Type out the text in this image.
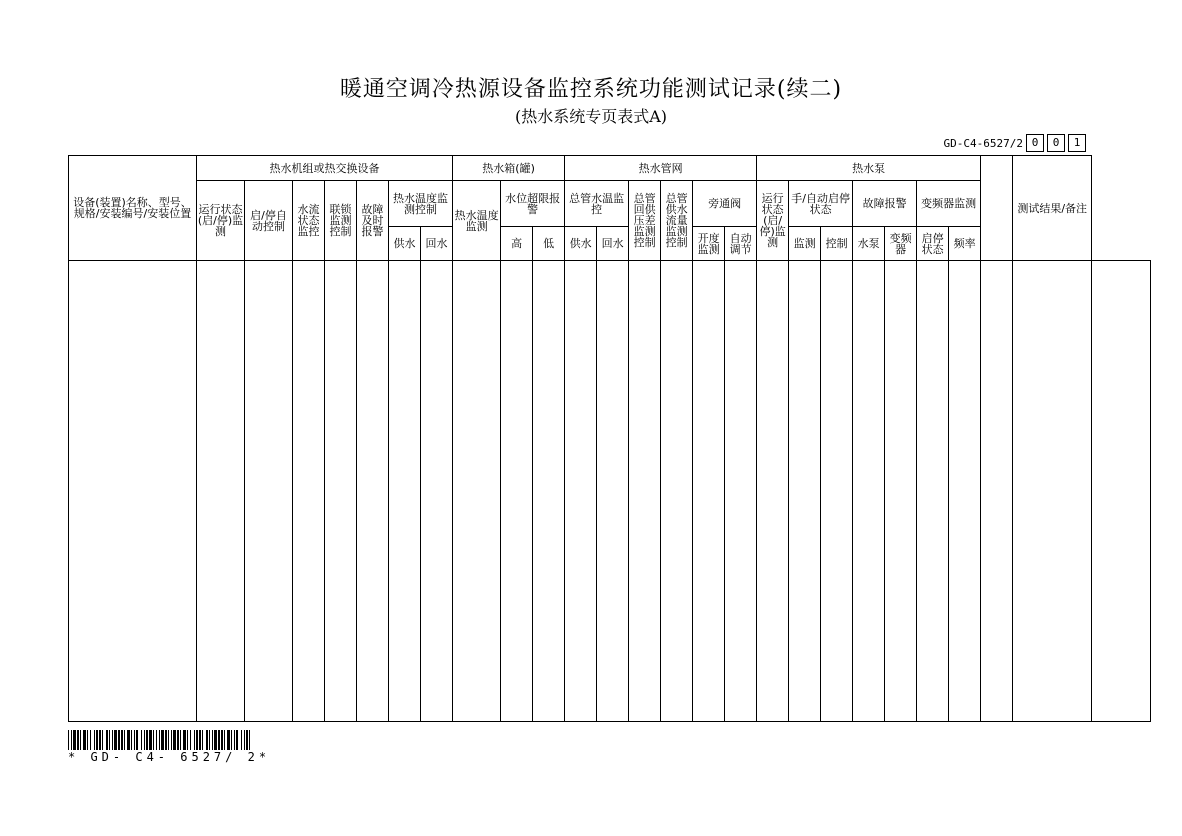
暖通空调冷热源设备监控系统功能测试记录(续二)
(热水系统专页表式A)
GD-C4-6527/2 0	0	1
设备(装置)名称、型号、规格/安装编号/安装位置	热水机组或热交换设备							热水箱(罐)			热水管网						热水泵								测试结果/备注	
	运行状态(启/停)监测	启/停自动控制	水流状态监控	联锁监测控制	故障及时报警	热水温度监测控制		热水温度监测	水位超限报警		总管水温监控		总管回供压差监测控制	总管供水流量监测控制	旁通阀		运行状态(启/停)监测	手/自动启停状态		故障报警		变频器监测				
						供水	回水		高	低	供水	回水			开度监测	自动调节		监测	控制	水泵	变频器	启停状态	频率			

* GD- C4- 6527/ 2*
